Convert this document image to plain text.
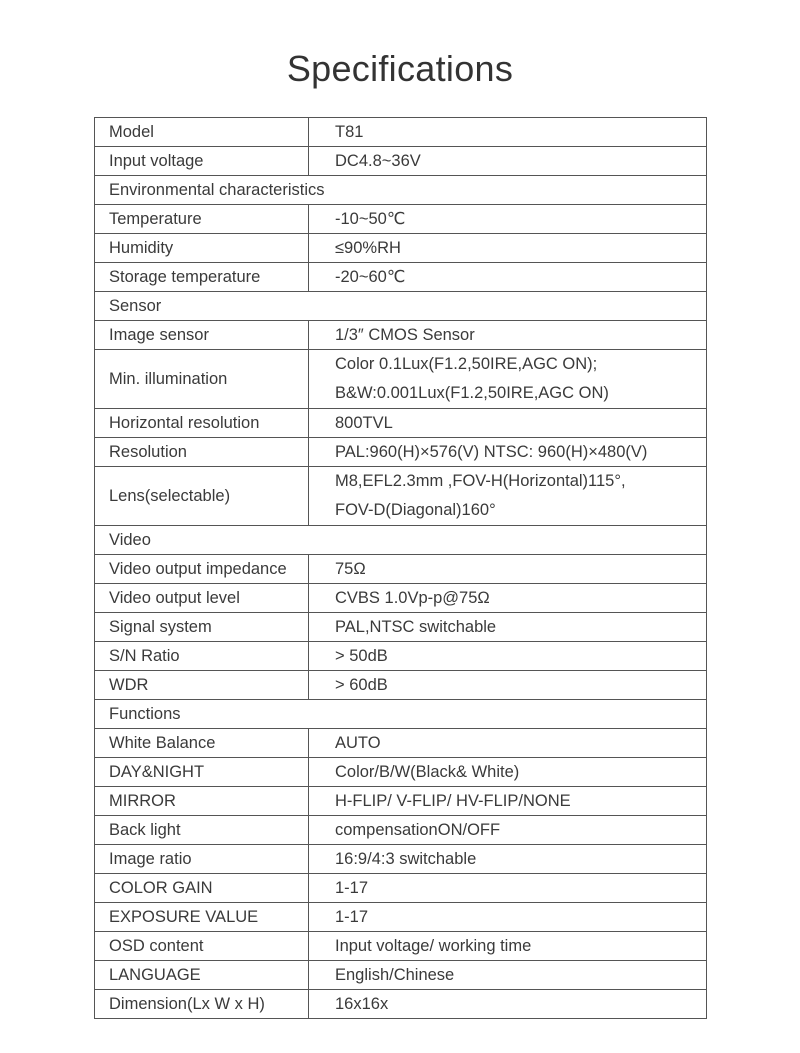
Specifications
Model	T81
Input voltage	DC4.8~36V
Environmental characteristics	
Temperature	-10~50℃
Humidity	≤90%RH
Storage temperature	-20~60℃
Sensor	
Image sensor	1/3″ CMOS Sensor
Min. illumination	Color 0.1Lux(F1.2,50IRE,AGC ON);
B&W:0.001Lux(F1.2,50IRE,AGC ON)

Horizontal resolution	800TVL
Resolution	PAL:960(H)×576(V) NTSC: 960(H)×480(V)
Lens(selectable)	M8,EFL2.3mm ,FOV-H(Horizontal)115°,
FOV-D(Diagonal)160°

Video	
Video output impedance	75Ω
Video output level	CVBS 1.0Vp-p@75Ω
Signal system	PAL,NTSC switchable
S/N Ratio	> 50dB
WDR	> 60dB
Functions	
White Balance	AUTO
DAY&NIGHT	Color/B/W(Black& White)
MIRROR	H-FLIP/ V-FLIP/ HV-FLIP/NONE
Back light	compensationON/OFF
Image ratio	16:9/4:3 switchable
COLOR GAIN	1-17
EXPOSURE VALUE	1-17
OSD content	Input voltage/ working time
LANGUAGE	English/Chinese
Dimension(Lx W x H)	16x16x
